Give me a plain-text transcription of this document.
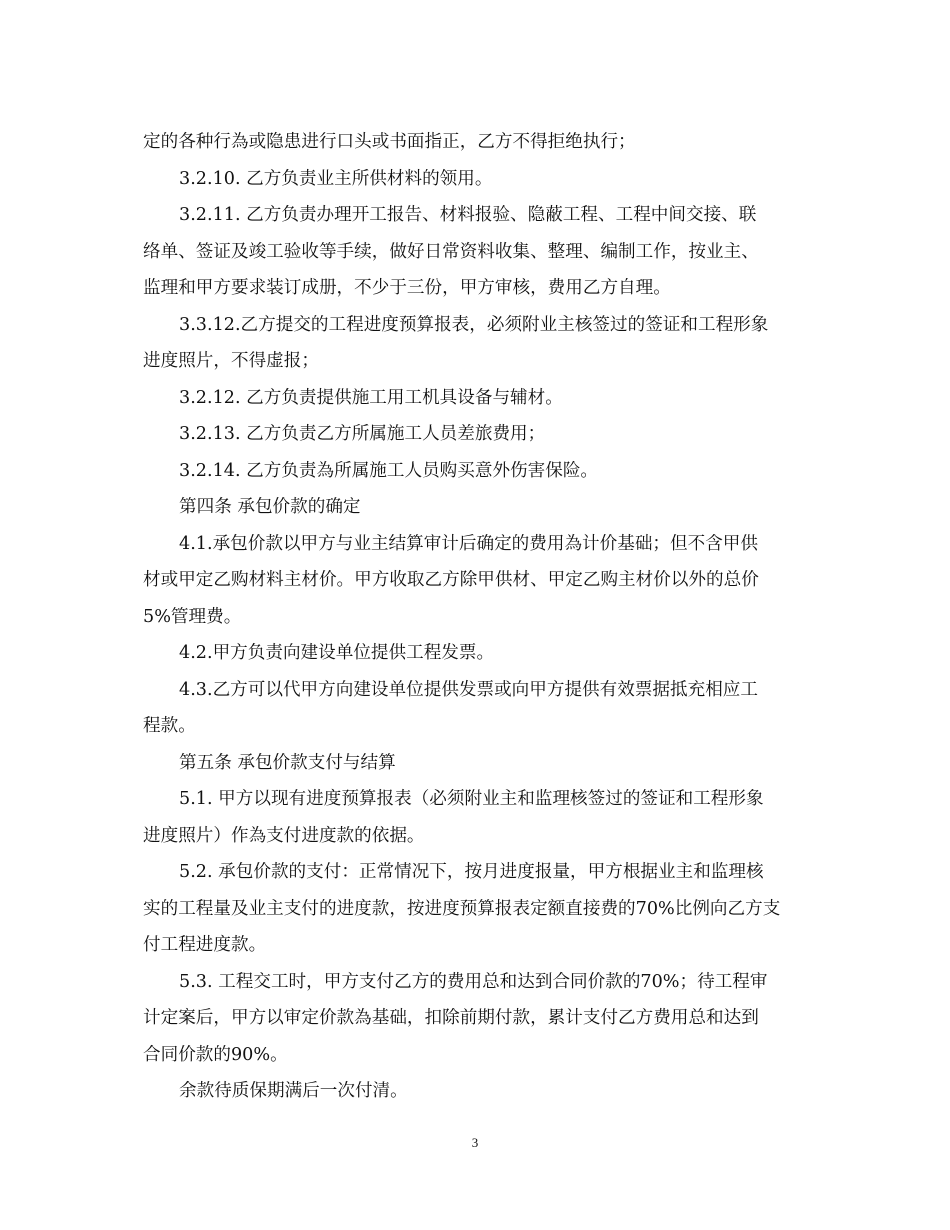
定的各种行為或隐患进行口头或书面指正，乙方不得拒绝执行；

3.2.10. 乙方负责业主所供材料的领用。

3.2.11. 乙方负责办理开工报告、材料报验、隐蔽工程、工程中间交接、联

络单、签证及竣工验收等手续，做好日常资料收集、整理、编制工作，按业主、

监理和甲方要求装订成册，不少于三份，甲方审核，费用乙方自理。

3.3.12.乙方提交的工程进度预算报表，必须附业主核签过的签证和工程形象

进度照片，不得虚报；

3.2.12. 乙方负责提供施工用工机具设备与辅材。

3.2.13. 乙方负责乙方所属施工人员差旅费用；

3.2.14. 乙方负责為所属施工人员购买意外伤害保险。

第四条 承包价款的确定

4.1.承包价款以甲方与业主结算审计后确定的费用為计价基础；但不含甲供

材或甲定乙购材料主材价。甲方收取乙方除甲供材、甲定乙购主材价以外的总价

5%管理费。

4.2.甲方负责向建设单位提供工程发票。

4.3.乙方可以代甲方向建设单位提供发票或向甲方提供有效票据抵充相应工

程款。

第五条 承包价款支付与结算

5.1. 甲方以现有进度预算报表（必须附业主和监理核签过的签证和工程形象

进度照片）作為支付进度款的依据。

5.2. 承包价款的支付：正常情况下，按月进度报量，甲方根据业主和监理核

实的工程量及业主支付的进度款，按进度预算报表定额直接费的70%比例向乙方支

付工程进度款。

5.3. 工程交工时，甲方支付乙方的费用总和达到合同价款的70%；待工程审

计定案后，甲方以审定价款為基础，扣除前期付款，累计支付乙方费用总和达到

合同价款的90%。

余款待质保期满后一次付清。

3
